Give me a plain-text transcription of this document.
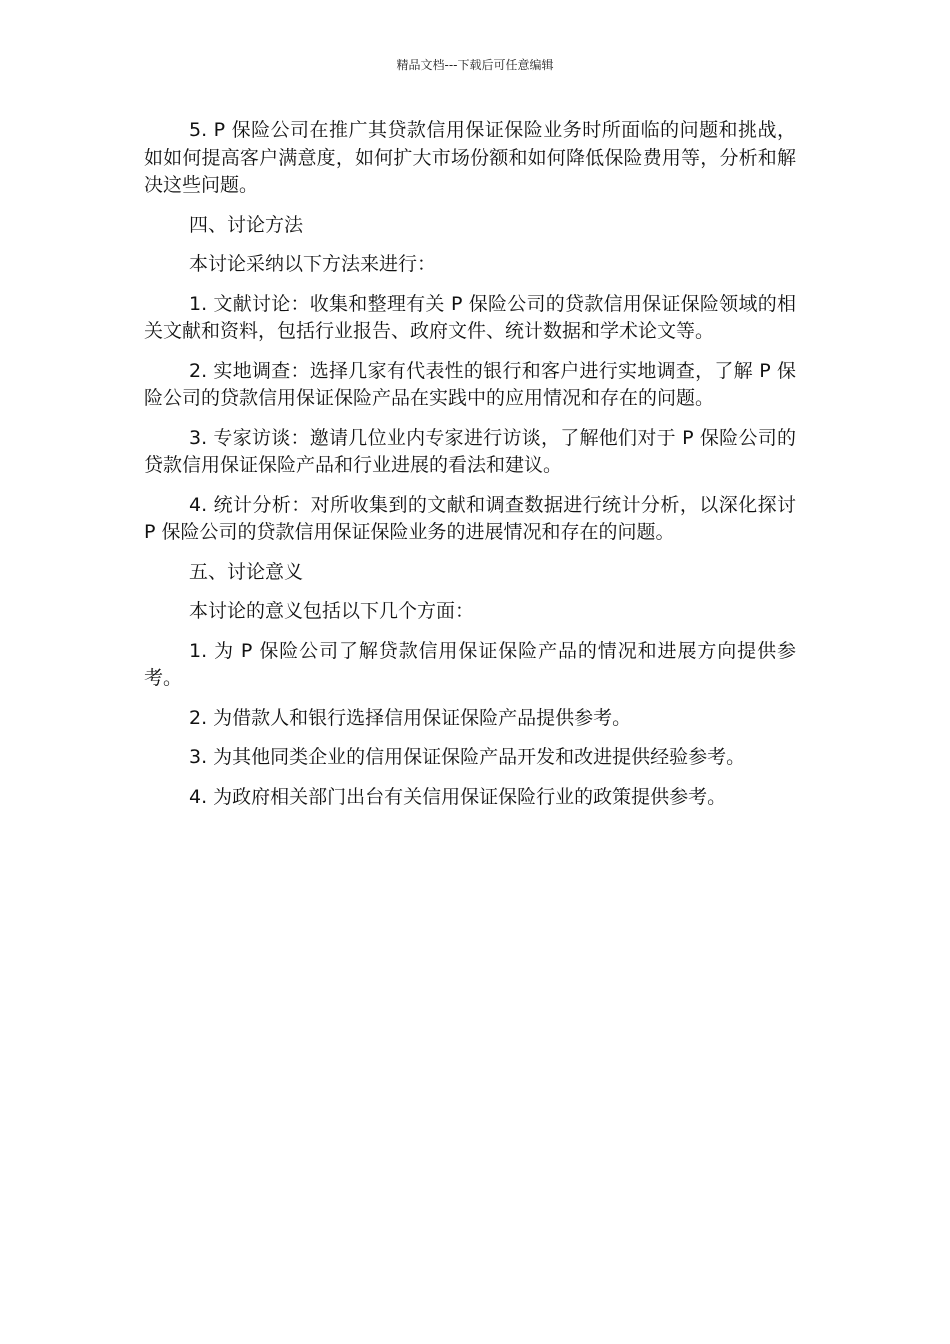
精品文档---下载后可任意编辑

5. P 保险公司在推广其贷款信用保证保险业务时所面临的问题和挑战，如如何提高客户满意度，如何扩大市场份额和如何降低保险费用等，分析和解决这些问题。

四、讨论方法

本讨论采纳以下方法来进行：

1. 文献讨论：收集和整理有关 P 保险公司的贷款信用保证保险领域的相关文献和资料，包括行业报告、政府文件、统计数据和学术论文等。

2. 实地调查：选择几家有代表性的银行和客户进行实地调查，了解 P 保险公司的贷款信用保证保险产品在实践中的应用情况和存在的问题。

3. 专家访谈：邀请几位业内专家进行访谈，了解他们对于 P 保险公司的贷款信用保证保险产品和行业进展的看法和建议。

4. 统计分析：对所收集到的文献和调查数据进行统计分析，以深化探讨 P 保险公司的贷款信用保证保险业务的进展情况和存在的问题。

五、讨论意义

本讨论的意义包括以下几个方面：

1. 为 P 保险公司了解贷款信用保证保险产品的情况和进展方向提供参考。

2. 为借款人和银行选择信用保证保险产品提供参考。

3. 为其他同类企业的信用保证保险产品开发和改进提供经验参考。

4. 为政府相关部门出台有关信用保证保险行业的政策提供参考。
